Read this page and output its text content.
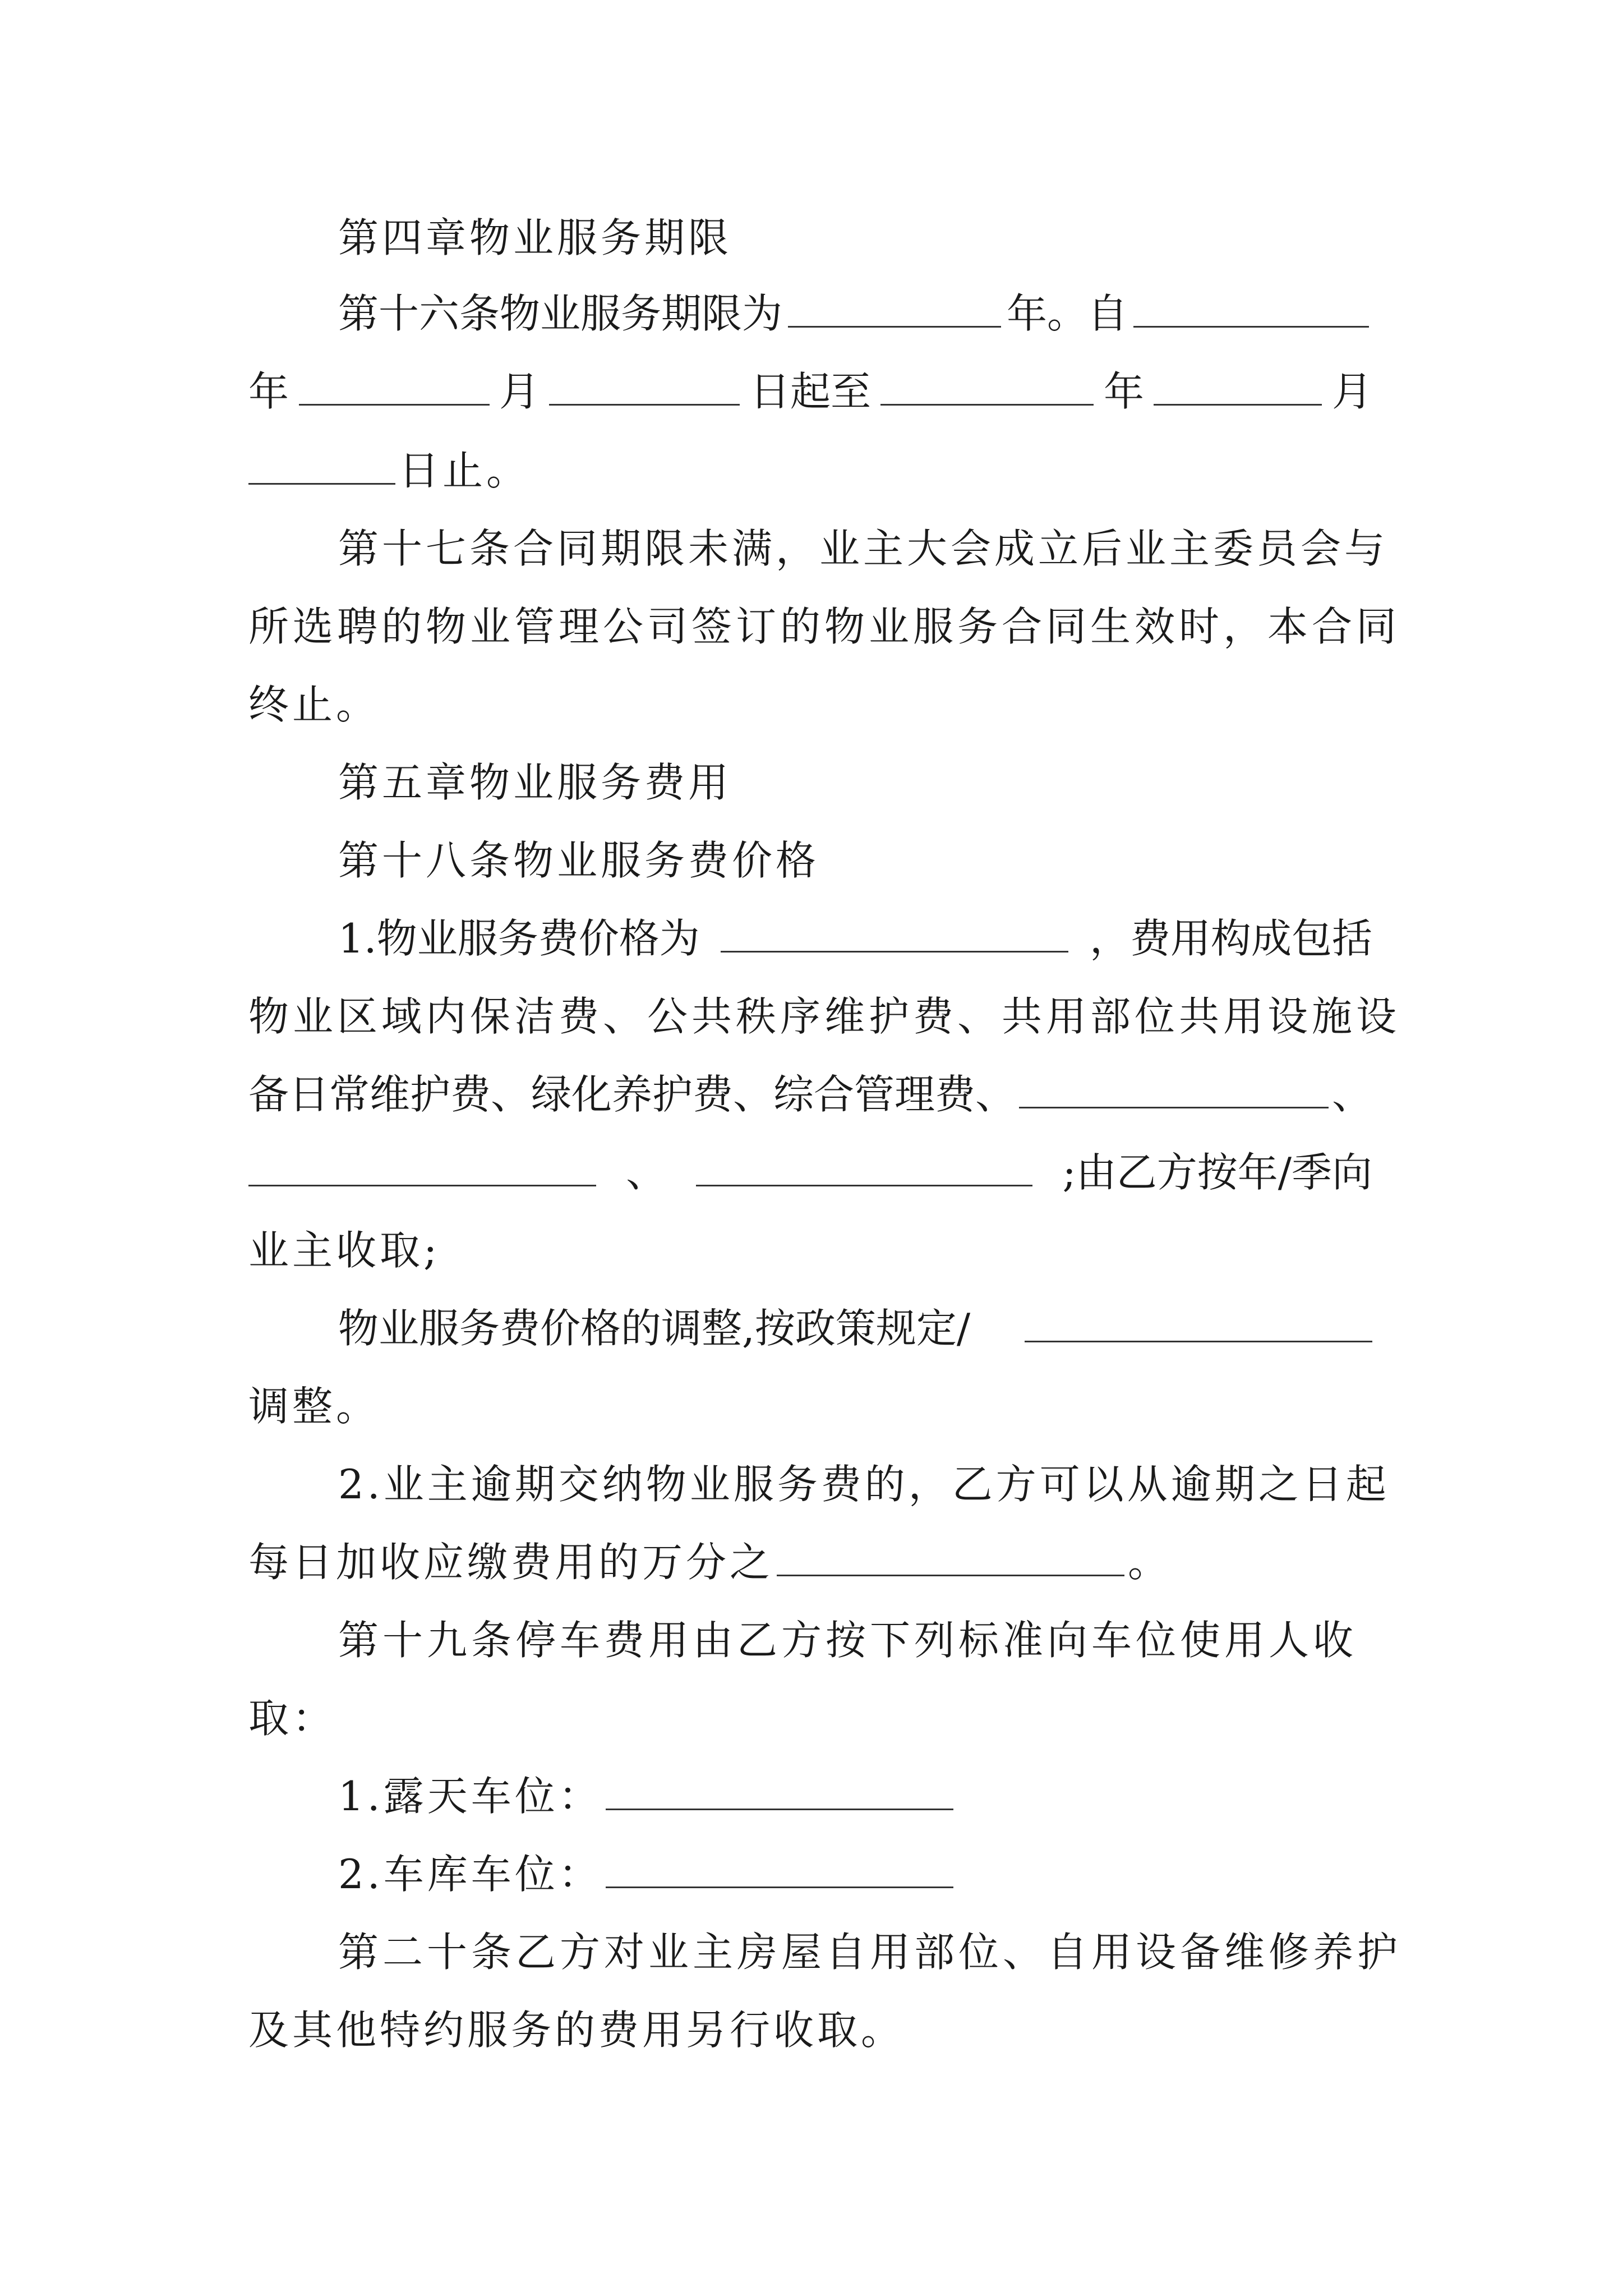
第四章物业服务期限
第十六条物业服务期限为	年。自
年	月	日起至	年	月
日止。
第十七条合同期限未满，业主大会成立后业主委员会与
所选聘的物业管理公司签订的物业服务合同生效时，本合同
终止。
第五章物业服务费用
第十八条物业服务费价格
1.物业服务费价格为	，费用构成包括
物业区域内保洁费、公共秩序维护费、共用部位共用设施设
备日常维护费、绿化养护费、综合管理费、	、
、	;由乙方按年/季向
业主收取;
物业服务费价格的调整,按政策规定/
调整。
2.业主逾期交纳物业服务费的，乙方可以从逾期之日起
每日加收应缴费用的万分之	。
第十九条停车费用由乙方按下列标准向车位使用人收
取：
1.露天车位：
2.车库车位：
第二十条乙方对业主房屋自用部位、自用设备维修养护
及其他特约服务的费用另行收取。
